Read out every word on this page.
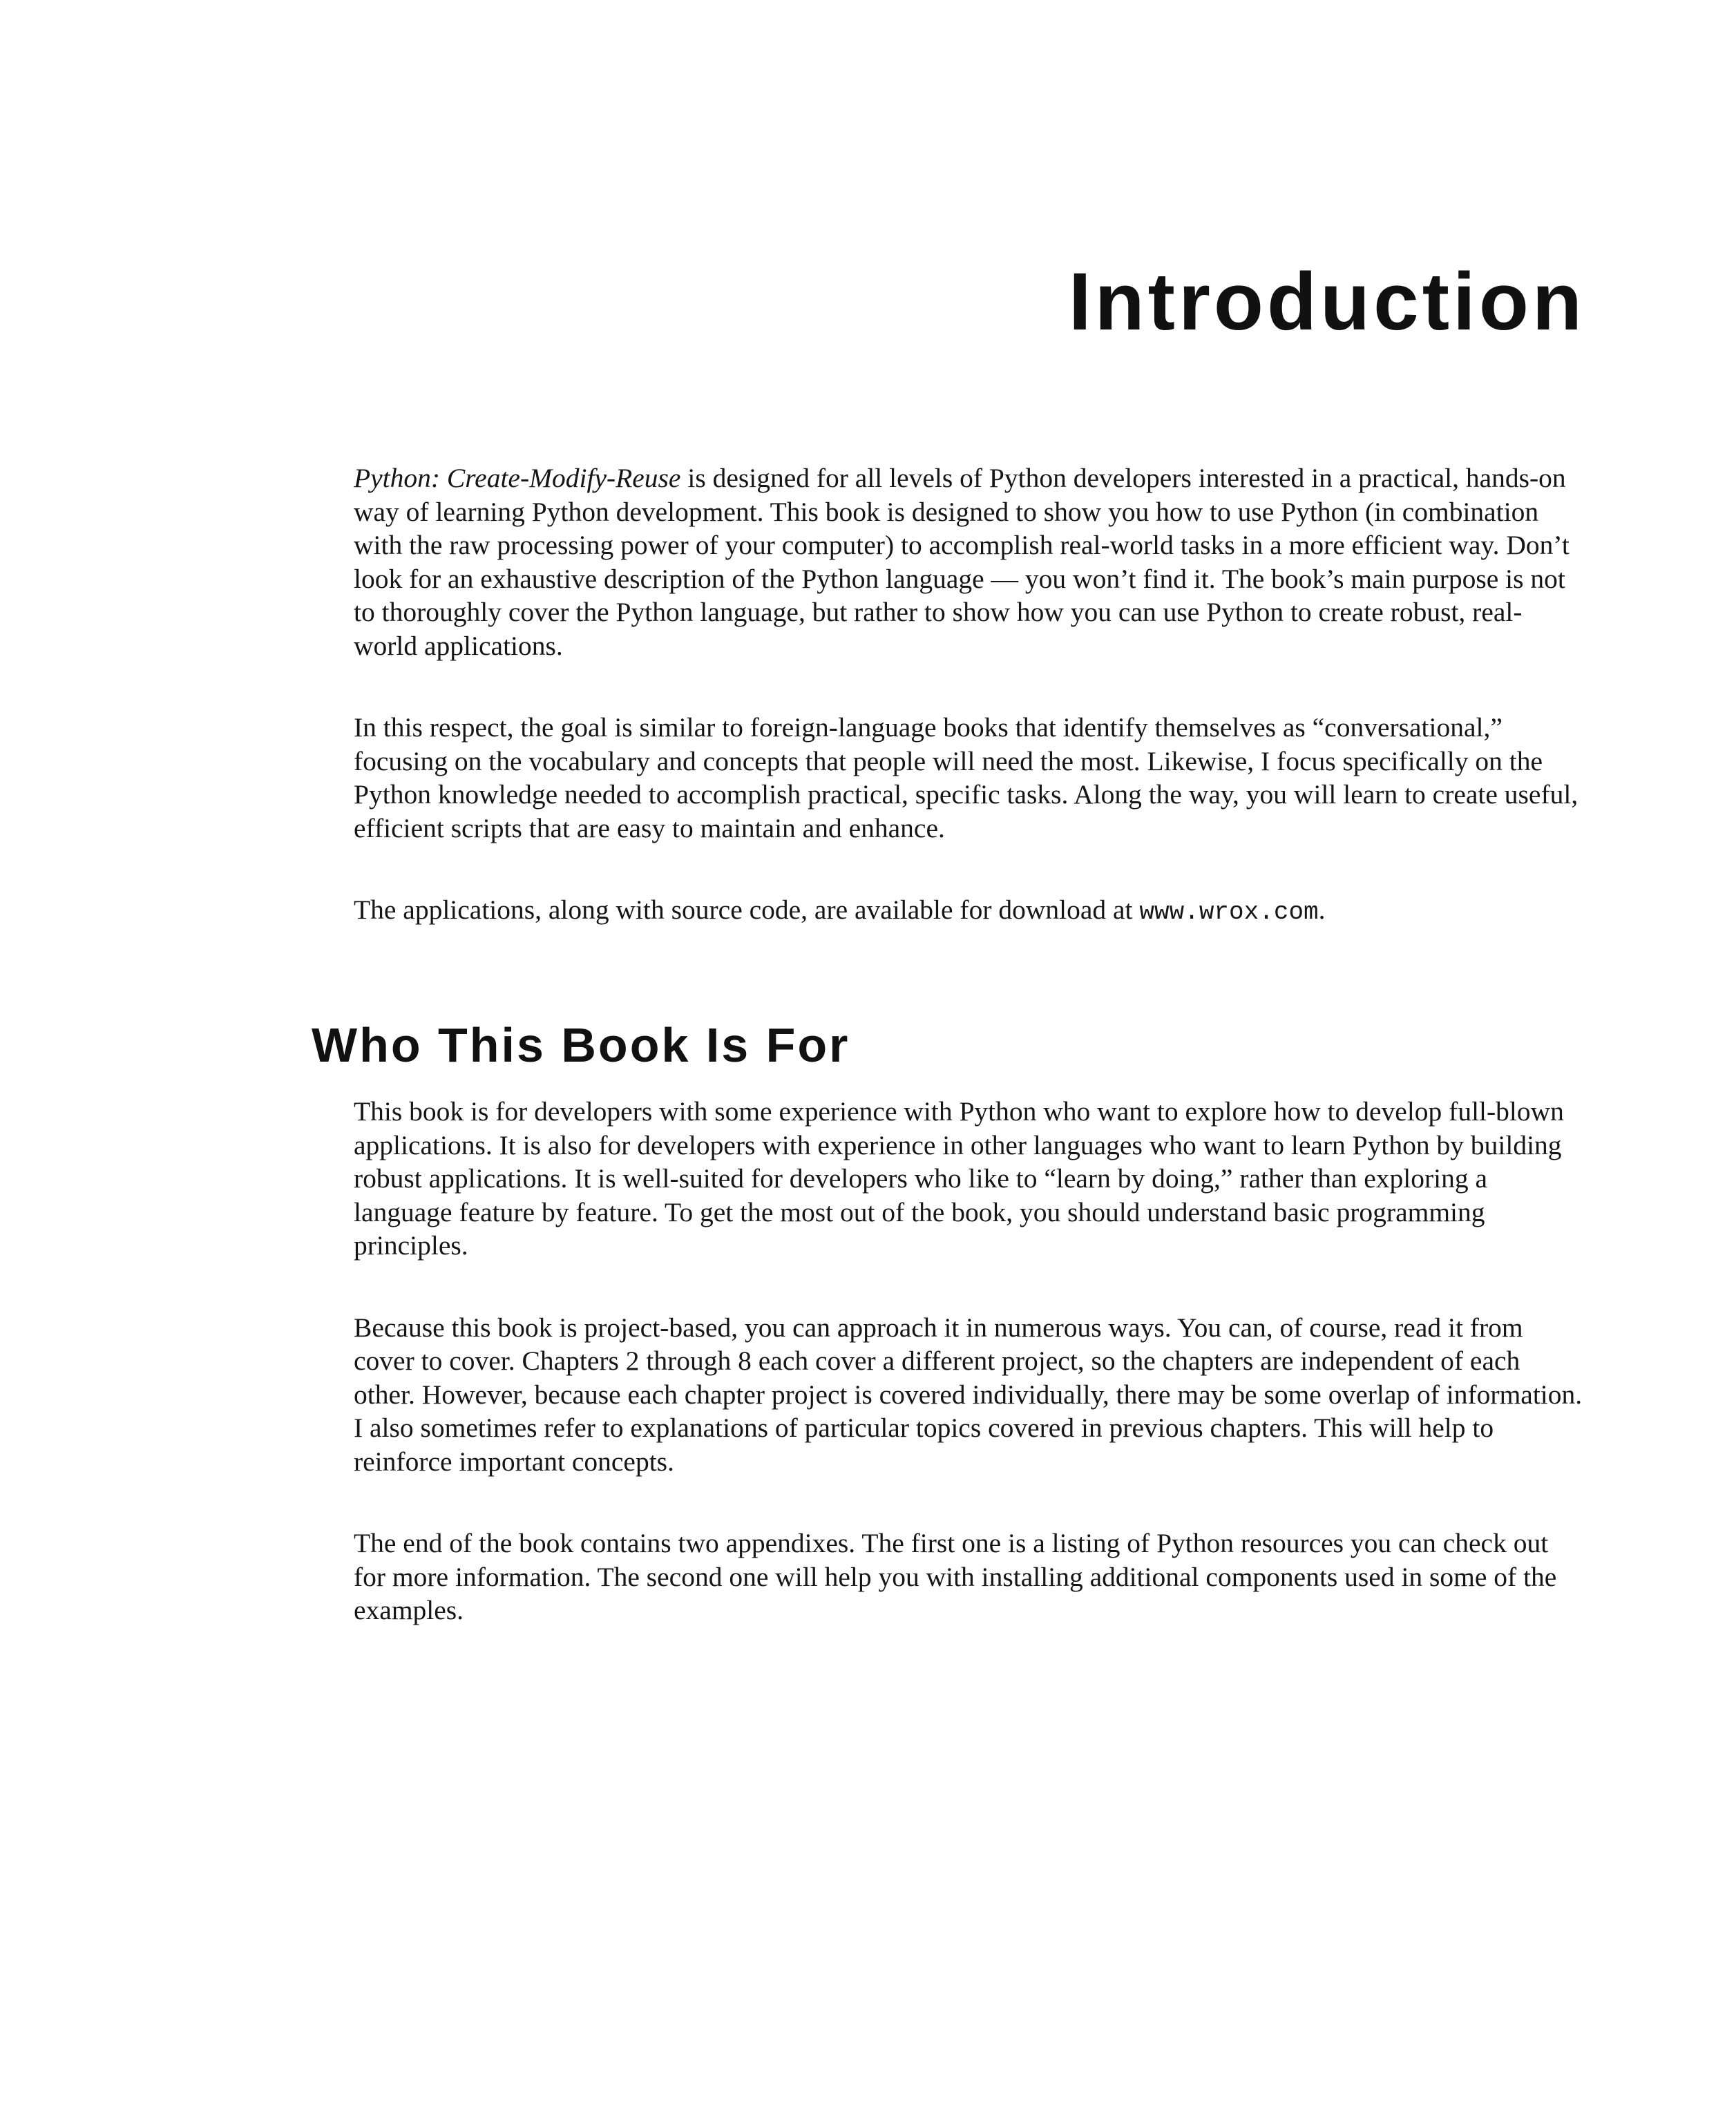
Introduction

Python: Create-Modify-Reuse is designed for all levels of Python developers interested in a practical, hands-on way of learning Python development. This book is designed to show you how to use Python (in combination with the raw processing power of your computer) to accomplish real-world tasks in a more efficient way. Don’t look for an exhaustive description of the Python language — you won’t find it. The book’s main purpose is not to thoroughly cover the Python language, but rather to show how you can use Python to create robust, real-world applications.

In this respect, the goal is similar to foreign-language books that identify themselves as “conversational,” focusing on the vocabulary and concepts that people will need the most. Likewise, I focus specifically on the Python knowledge needed to accomplish practical, specific tasks. Along the way, you will learn to create useful, efficient scripts that are easy to maintain and enhance.

The applications, along with source code, are available for download at www.wrox.com.

Who This Book Is For

This book is for developers with some experience with Python who want to explore how to develop full-blown applications. It is also for developers with experience in other languages who want to learn Python by building robust applications. It is well-suited for developers who like to “learn by doing,” rather than exploring a language feature by feature. To get the most out of the book, you should understand basic programming principles.

Because this book is project-based, you can approach it in numerous ways. You can, of course, read it from cover to cover. Chapters 2 through 8 each cover a different project, so the chapters are independent of each other. However, because each chapter project is covered individually, there may be some overlap of information. I also sometimes refer to explanations of particular topics covered in previous chapters. This will help to reinforce important concepts.

The end of the book contains two appendixes. The first one is a listing of Python resources you can check out for more information. The second one will help you with installing additional components used in some of the examples.
